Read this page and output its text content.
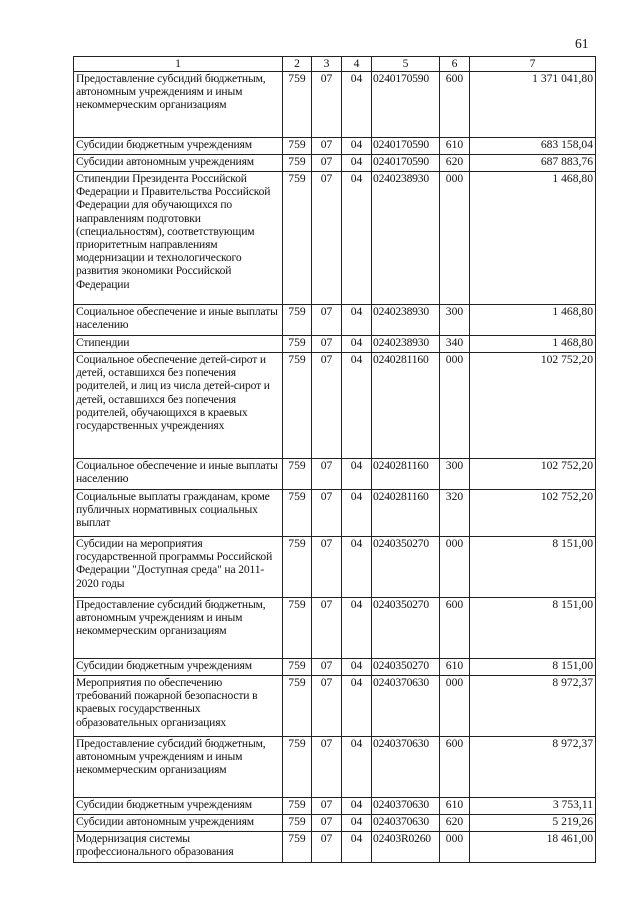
61
1	2	3	4	5	6	7
Предоставление субсидий бюджетным, автономным учреждениям и иным некоммерческим организациям	759	07	04	0240170590	600	1 371 041,80
Субсидии бюджетным учреждениям	759	07	04	0240170590	610	683 158,04
Субсидии автономным учреждениям	759	07	04	0240170590	620	687 883,76
Стипендии Президента Российской Федерации и Правительства Российской Федерации для обучающихся по направлениям подготовки (специальностям), соответствующим приоритетным направлениям модернизации и технологического развития экономики Российской Федерации	759	07	04	0240238930	000	1 468,80
Социальное обеспечение и иные выплаты населению	759	07	04	0240238930	300	1 468,80
Стипендии	759	07	04	0240238930	340	1 468,80
Социальное обеспечение детей-сирот и детей, оставшихся без попечения родителей, и лиц из числа детей-сирот и детей, оставшихся без попечения родителей, обучающихся в краевых государственных учреждениях	759	07	04	0240281160	000	102 752,20
Социальное обеспечение и иные выплаты населению	759	07	04	0240281160	300	102 752,20
Социальные выплаты гражданам, кроме публичных нормативных социальных выплат	759	07	04	0240281160	320	102 752,20
Субсидии на мероприятия государственной программы Российской Федерации "Доступная среда" на 2011-2020 годы	759	07	04	0240350270	000	8 151,00
Предоставление субсидий бюджетным, автономным учреждениям и иным некоммерческим организациям	759	07	04	0240350270	600	8 151,00
Субсидии бюджетным учреждениям	759	07	04	0240350270	610	8 151,00
Мероприятия по обеспечению требований пожарной безопасности в краевых государственных образовательных организациях	759	07	04	0240370630	000	8 972,37
Предоставление субсидий бюджетным, автономным учреждениям и иным некоммерческим организациям	759	07	04	0240370630	600	8 972,37
Субсидии бюджетным учреждениям	759	07	04	0240370630	610	3 753,11
Субсидии автономным учреждениям	759	07	04	0240370630	620	5 219,26
Модернизация системы профессионального образования	759	07	04	02403R0260	000	18 461,00
